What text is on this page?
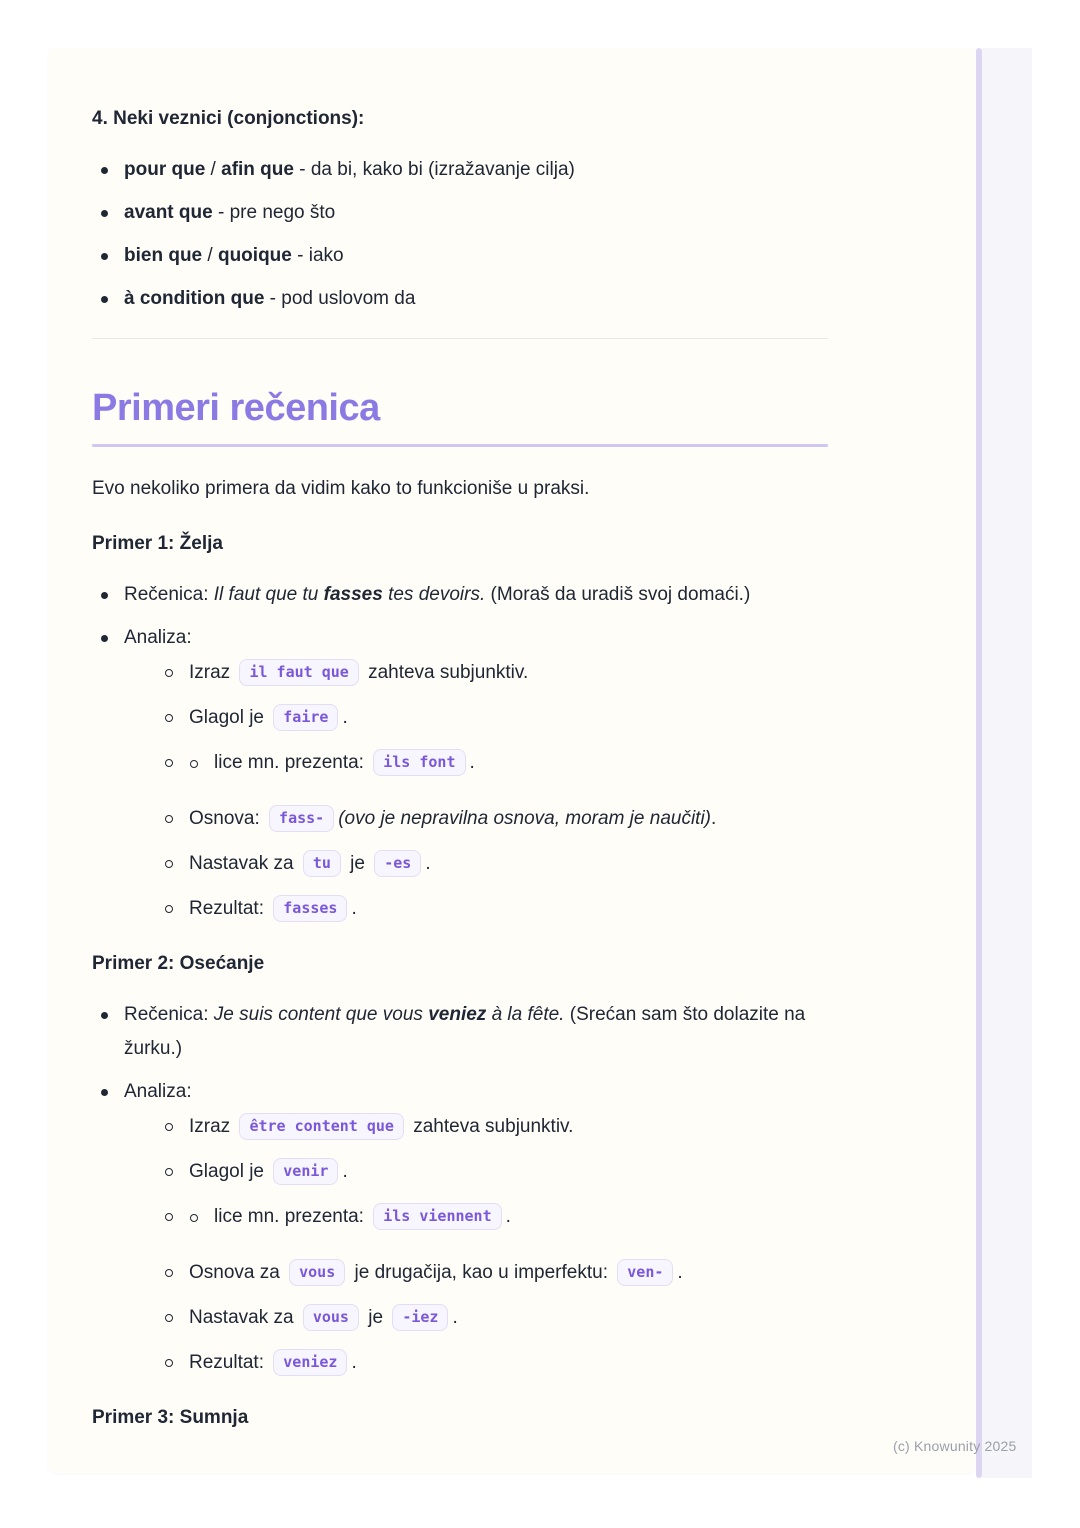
4. Neki veznici (conjonctions):
pour que / afin que - da bi, kako bi (izražavanje cilja)
avant que - pre nego što
bien que / quoique - iako
à condition que - pod uslovom da
Primeri rečenica

Evo nekoliko primera da vidim kako to funkcioniše u praksi.

Primer 1: Želja
Rečenica: Il faut que tu fasses tes devoirs. (Moraš da uradiš svoj domaći.)
Analiza:
Izraz il faut que zahteva subjunktiv.
Glagol je faire .
lice mn. prezenta: ils font .
Osnova: fass- (ovo je nepravilna osnova, moram je naučiti).
Nastavak za tu je -es .
Rezultat: fasses .
Primer 2: Osećanje
Rečenica: Je suis content que vous veniez à la fête. (Srećan sam što dolazite na žurku.)
Analiza:
Izraz être content que zahteva subjunktiv.
Glagol je venir .
lice mn. prezenta: ils viennent .
Osnova za vous je drugačija, kao u imperfektu: ven- .
Nastavak za vous je -iez .
Rezultat: veniez .
Primer 3: Sumnja
(c) Knowunity 2025
